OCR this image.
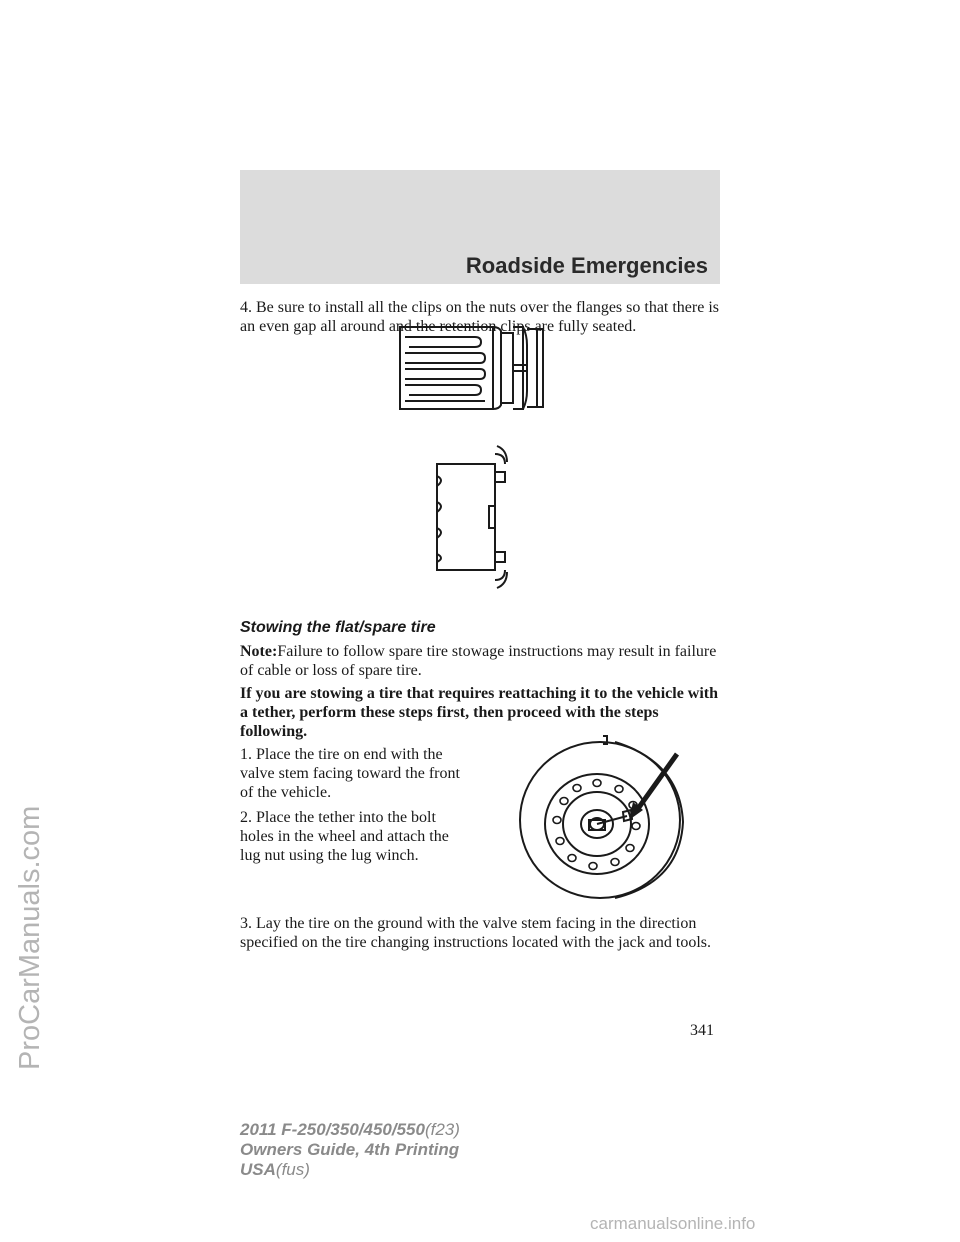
Roadside Emergencies

4. Be sure to install all the clips on the nuts over the flanges so that there is an even gap all around and the retention clips are fully seated.

Stowing the flat/spare tire

Note:Failure to follow spare tire stowage instructions may result in failure of cable or loss of spare tire.

If you are stowing a tire that requires reattaching it to the vehicle with a tether, perform these steps first, then proceed with the steps following.

1. Place the tire on end with the valve stem facing toward the front of the vehicle.

2. Place the tether into the bolt holes in the wheel and attach the lug nut using the lug winch.

3. Lay the tire on the ground with the valve stem facing in the direction specified on the tire changing instructions located with the jack and tools.

341
2011 F-250/350/450/550(f23)
Owners Guide, 4th Printing
USA(fus)
ProCarManuals.com
carmanualsonline.info
